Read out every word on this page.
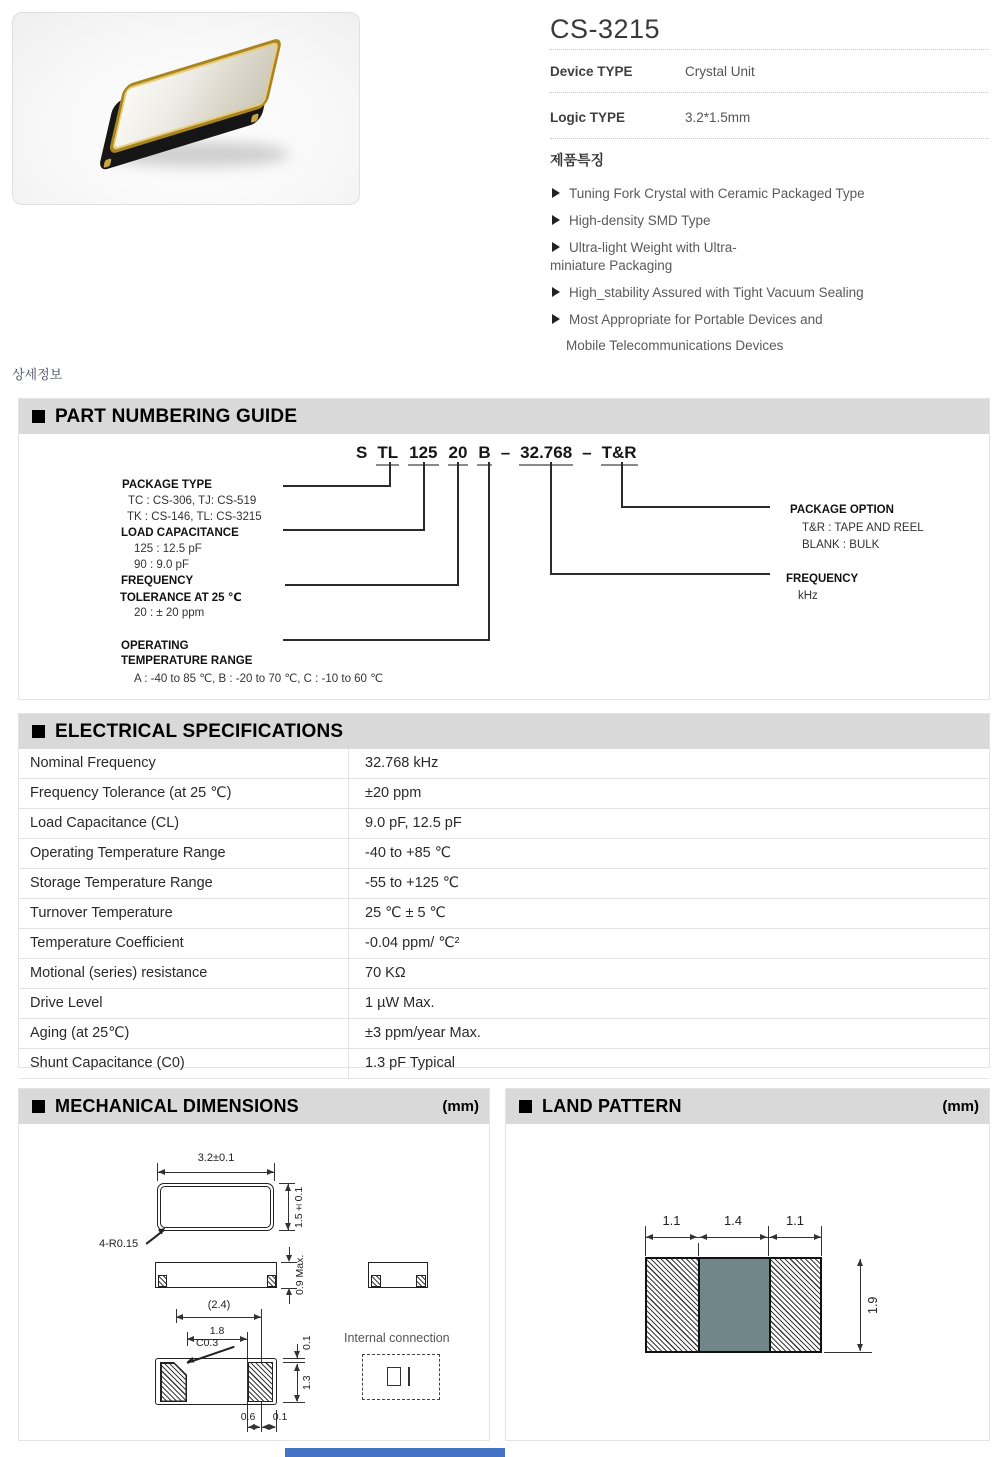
CS-3215
Device TYPE	Crystal Unit
Logic TYPE	3.2*1.5mm
제품특징
Tuning Fork Crystal with Ceramic Packaged Type
High-density SMD Type
Ultra-light Weight with Ultra-
miniature Packaging
High_stability Assured with Tight Vacuum Sealing
Most Appropriate for Portable Devices and
Mobile Telecommunications Devices
상세정보
PART NUMBERING GUIDE
S TL 125 20 B – 32.768 – T&R
PACKAGE TYPE
TC : CS-306, TJ: CS-519
TK : CS-146, TL: CS-3215
LOAD CAPACITANCE
125 : 12.5 pF
90 : 9.0 pF
FREQUENCY
TOLERANCE AT 25 ℃
20 : ± 20 ppm
OPERATING
TEMPERATURE RANGE
A : -40 to 85 ℃, B : -20 to 70 ℃, C : -10 to 60 ℃
PACKAGE OPTION
T&R : TAPE AND REEL
BLANK : BULK
FREQUENCY
kHz
ELECTRICAL SPECIFICATIONS
Nominal Frequency	32.768 kHz
Frequency Tolerance (at 25 ℃)	±20 ppm
Load Capacitance (CL)	9.0 pF, 12.5 pF
Operating Temperature Range	-40 to +85 ℃
Storage Temperature Range	-55 to +125 ℃
Turnover Temperature	25 ℃ ± 5 ℃
Temperature Coefficient	-0.04 ppm/ ℃²
Motional (series) resistance	70 KΩ
Drive Level	1 µW Max.
Aging (at 25℃)	±3 ppm/year Max.
Shunt Capacitance (C0)	1.3 pF Typical
MECHANICAL DIMENSIONS	(mm)
3.2±0.1
1.5±0.1
4-R0.15
0.9 Max.
(2.4)
1.8
C0.3	0.1
1.3
0.6 0.1
Internal connection
LAND PATTERN	(mm)
1.1	1.4	1.1
1.9
